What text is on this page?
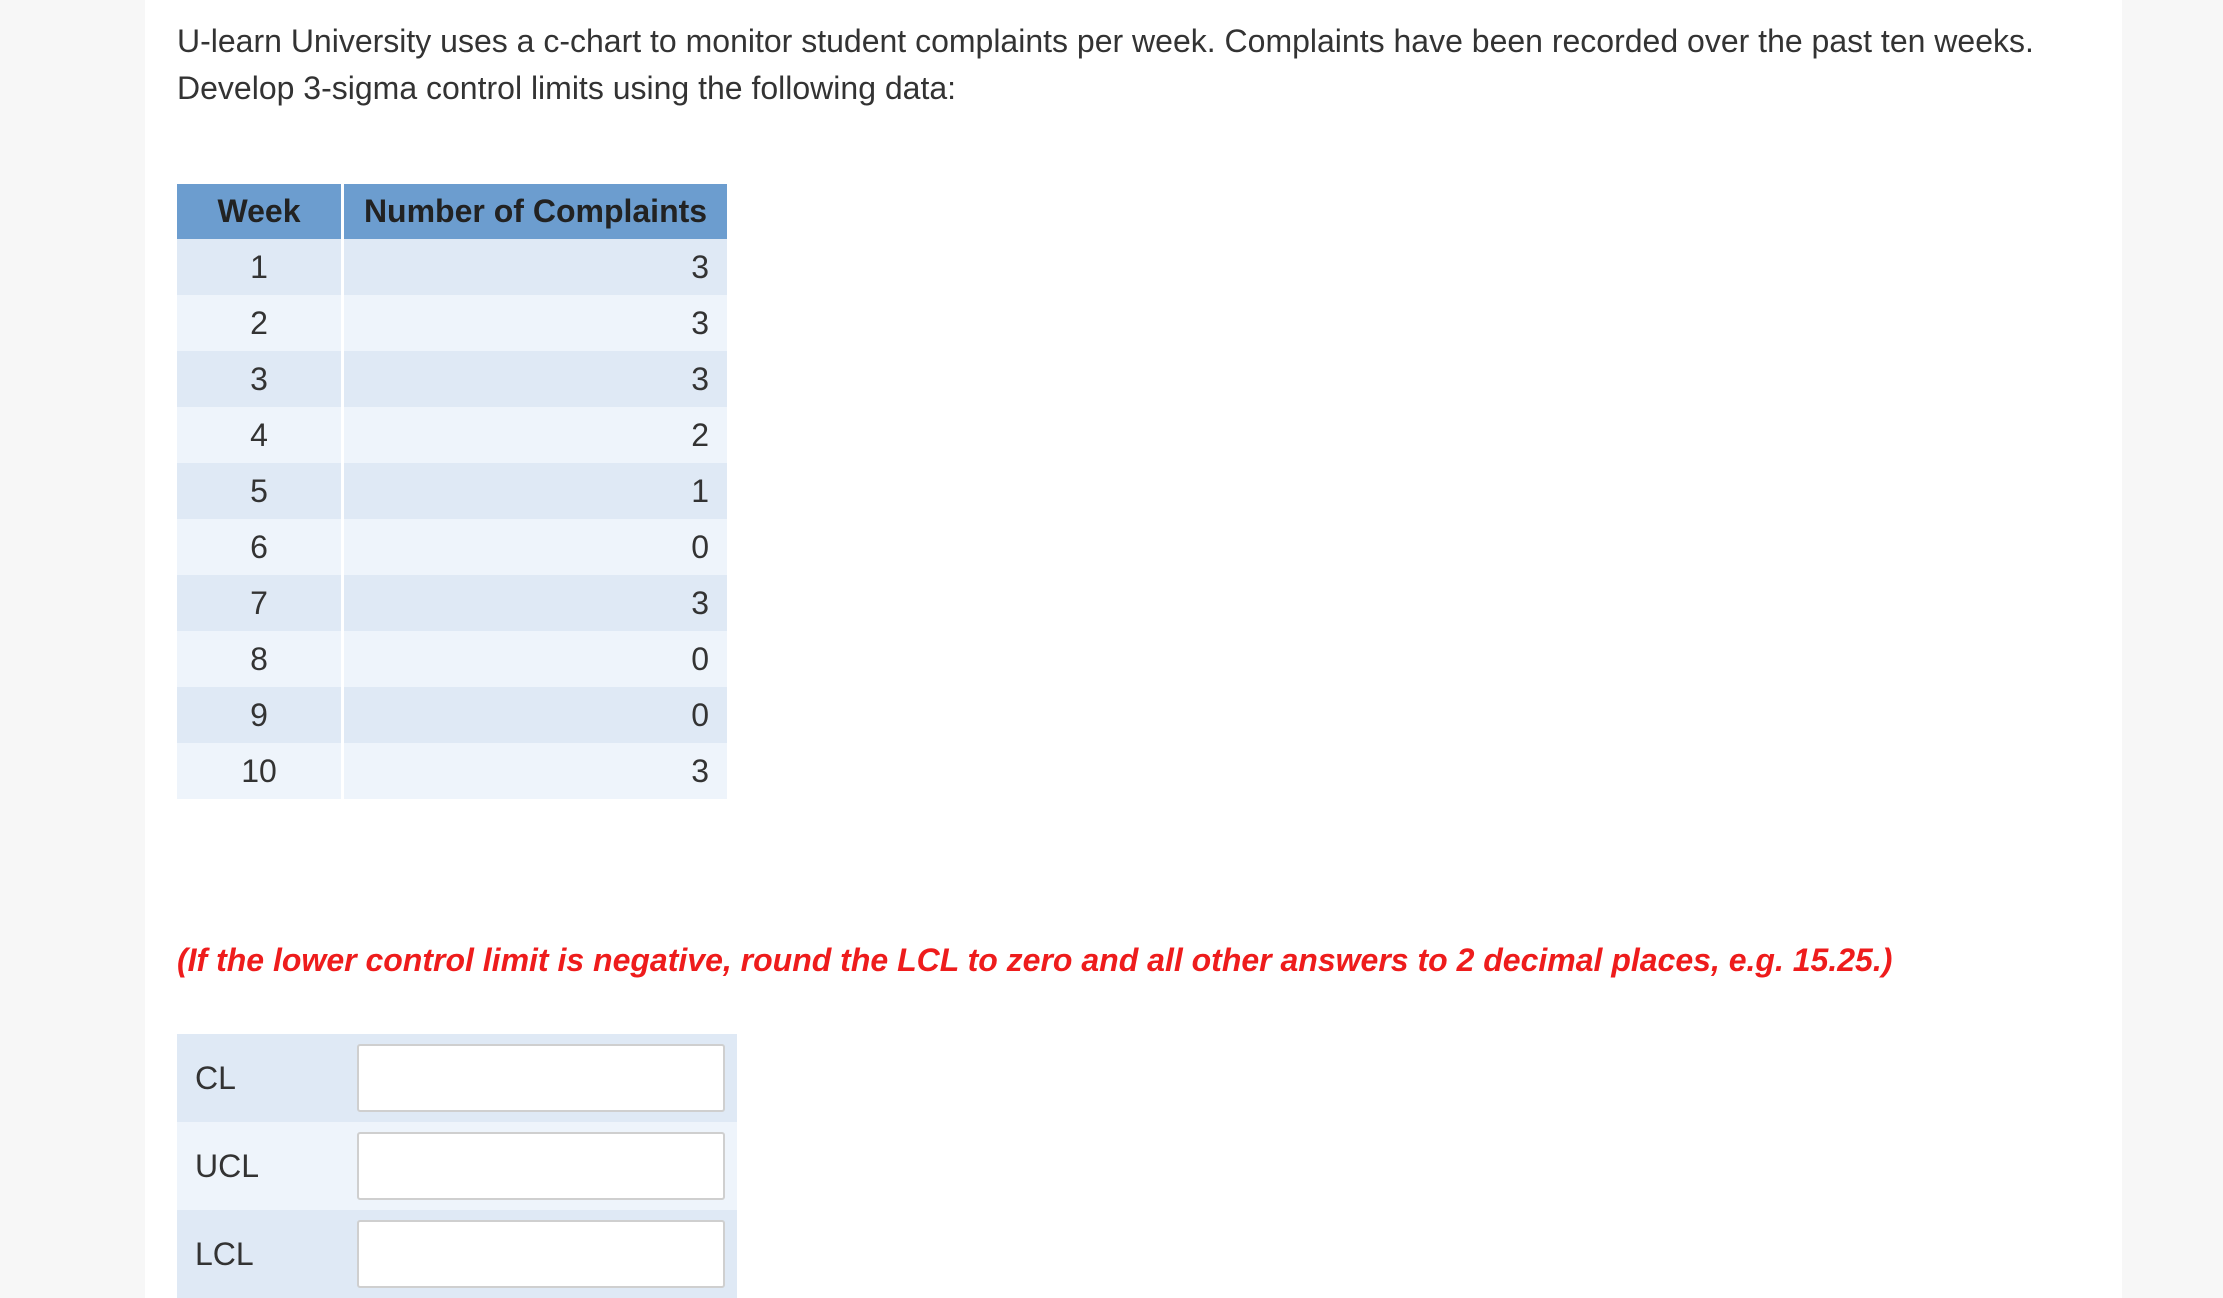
U-learn University uses a c-chart to monitor student complaints per week. Complaints have been recorded over the past ten weeks.
Develop 3-sigma control limits using the following data:
Week	Number of Complaints
1	3
2	3
3	3
4	2
5	1
6	0
7	3
8	0
9	0
10	3
(If the lower control limit is negative, round the LCL to zero and all other answers to 2 decimal places, e.g. 15.25.)
CL	

UCL	

LCL	
